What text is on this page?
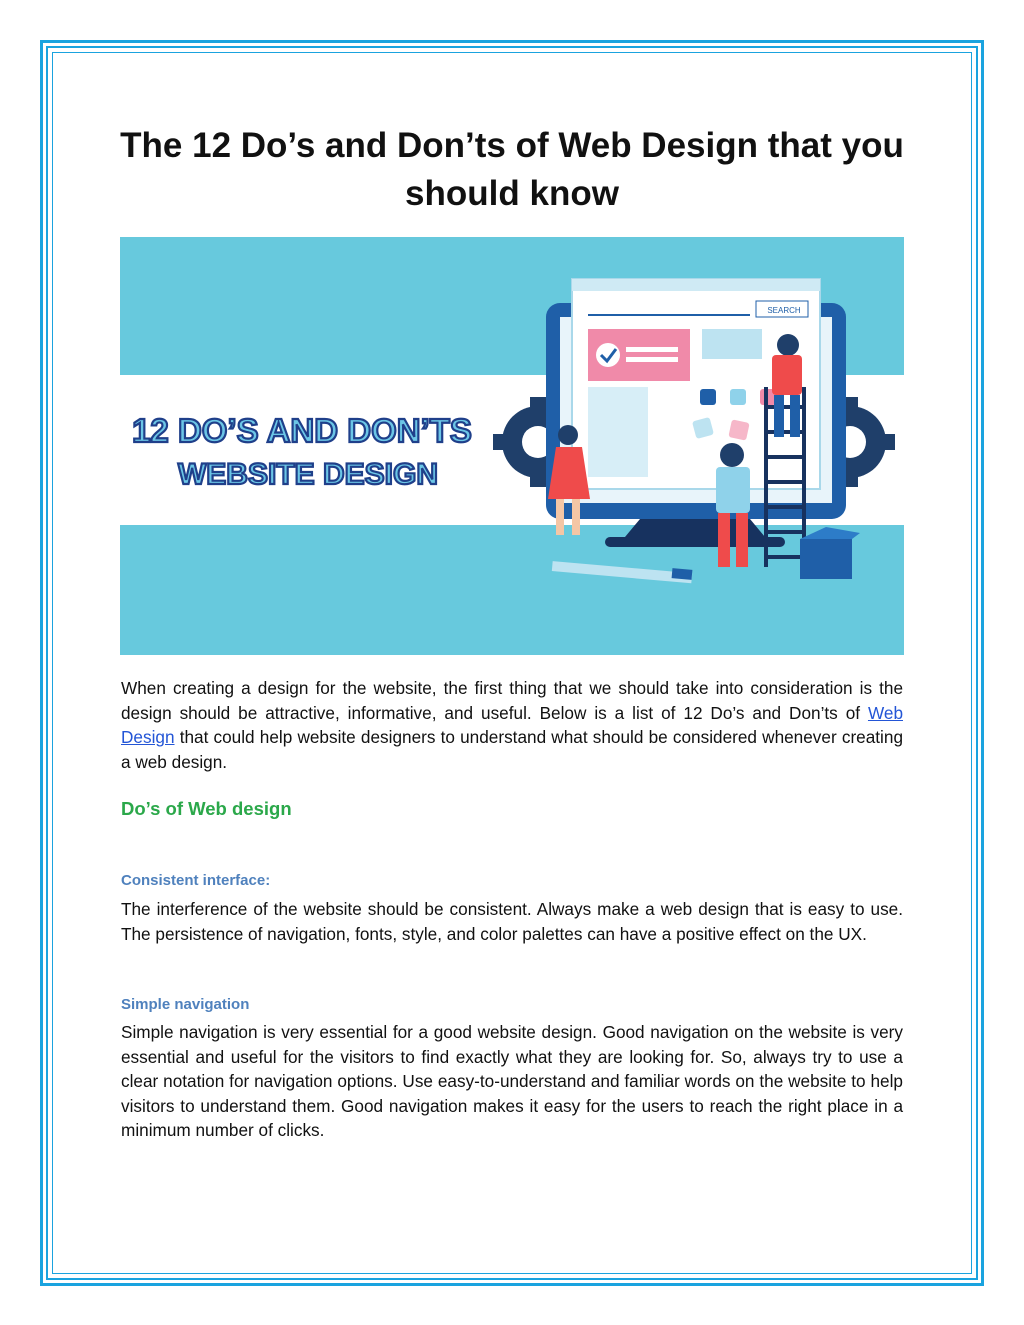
The 12 Do’s and Don’ts of Web Design that you should know
12 DO’S AND DON’TS
WEBSITE DESIGN
SEARCH

When creating a design for the website, the first thing that we should take into consideration is the design should be attractive, informative, and useful. Below is a list of 12 Do’s and Don’ts of Web Design that could help website designers to understand what should be considered whenever creating a web design.

Do’s of Web design
Consistent interface:

The interference of the website should be consistent. Always make a web design that is easy to use. The persistence of navigation, fonts, style, and color palettes can have a positive effect on the UX.

Simple navigation

Simple navigation is very essential for a good website design. Good navigation on the website is very essential and useful for the visitors to find exactly what they are looking for. So, always try to use a clear notation for navigation options. Use easy-to-understand and familiar words on the website to help visitors to understand them. Good navigation makes it easy for the users to reach the right place in a minimum number of clicks.
